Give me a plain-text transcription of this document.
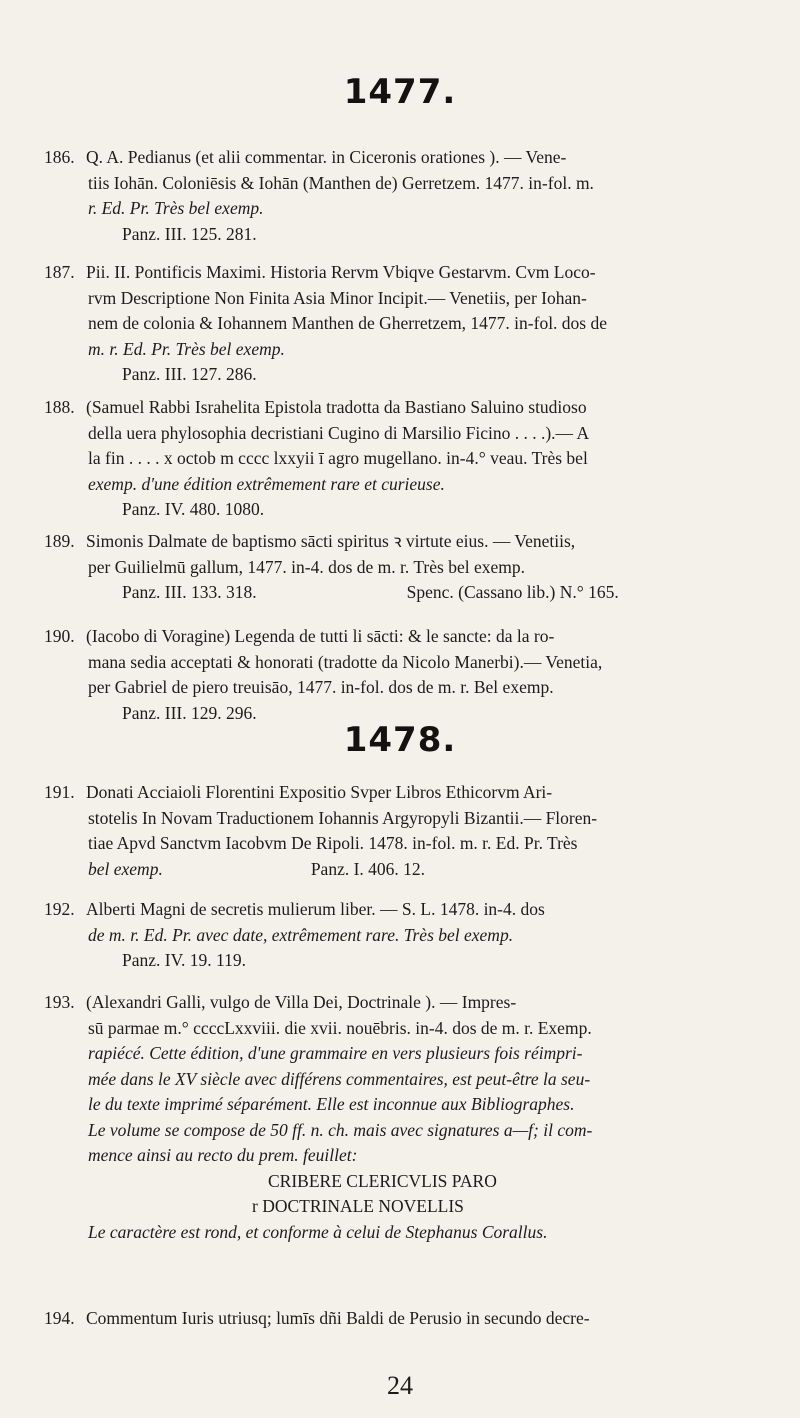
1477.
186. Q. A. Pedianus (et alii commentar. in Ciceronis orationes ). — Vene-
tiis Iohān. Coloniēsis & Iohān (Manthen de) Gerretzem. 1477. in-fol. m.
r. Ed. Pr. Très bel exemp.
Panz. III. 125. 281.
187. Pii. II. Pontificis Maximi. Historia Rervm Vbiqve Gestarvm. Cvm Loco-
rvm Descriptione Non Finita Asia Minor Incipit.— Venetiis, per Iohan-
nem de colonia & Iohannem Manthen de Gherretzem, 1477. in-fol. dos de
m. r. Ed. Pr. Très bel exemp.
Panz. III. 127. 286.
188. (Samuel Rabbi Israhelita Epistola tradotta da Bastiano Saluino studioso
della uera phylosophia decristiani Cugino di Marsilio Ficino . . . .).— A
la fin . . . . x octob m cccc lxxyii ī agro mugellano. in-4.° veau. Très bel
exemp. d'une édition extrêmement rare et curieuse.
Panz. IV. 480. 1080.
189. Simonis Dalmate de baptismo sācti spiritus ꝛ virtute eius. — Venetiis,
per Guilielmū gallum, 1477. in-4. dos de m. r. Très bel exemp.
Panz. III. 133. 318.	Spenc. (Cassano lib.) N.° 165.
190. (Iacobo di Voragine) Legenda de tutti li sācti: & le sancte: da la ro-
mana sedia acceptati & honorati (tradotte da Nicolo Manerbi).— Venetia,
per Gabriel de piero treuisāo, 1477. in-fol. dos de m. r. Bel exemp.
Panz. III. 129. 296.
1478.
191. Donati Acciaioli Florentini Expositio Svper Libros Ethicorvm Ari-
stotelis In Novam Traductionem Iohannis Argyropyli Bizantii.— Floren-
tiae Apvd Sanctvm Iacobvm De Ripoli. 1478. in-fol. m. r. Ed. Pr. Très
bel exemp.	Panz. I. 406. 12.
192. Alberti Magni de secretis mulierum liber. — S. L. 1478. in-4. dos
de m. r. Ed. Pr. avec date, extrêmement rare. Très bel exemp.
Panz. IV. 19. 119.
193. (Alexandri Galli, vulgo de Villa Dei, Doctrinale ). — Impres-
sū parmae m.° ccccLxxviii. die xvii. nouēbris. in-4. dos de m. r. Exemp.
rapiécé. Cette édition, d'une grammaire en vers plusieurs fois réimpri-
mée dans le XV siècle avec différens commentaires, est peut-être la seu-
le du texte imprimé séparément. Elle est inconnue aux Bibliographes.
Le volume se compose de 50 ff. n. ch. mais avec signatures a—f; il com-
mence ainsi au recto du prem. feuillet:
CRIBERE CLERICVLIS PARO
r DOCTRINALE NOVELLIS
Le caractère est rond, et conforme à celui de Stephanus Corallus.
194. Commentum Iuris utriusq; lumīs dñi Baldi de Perusio in secundo decre-
24
